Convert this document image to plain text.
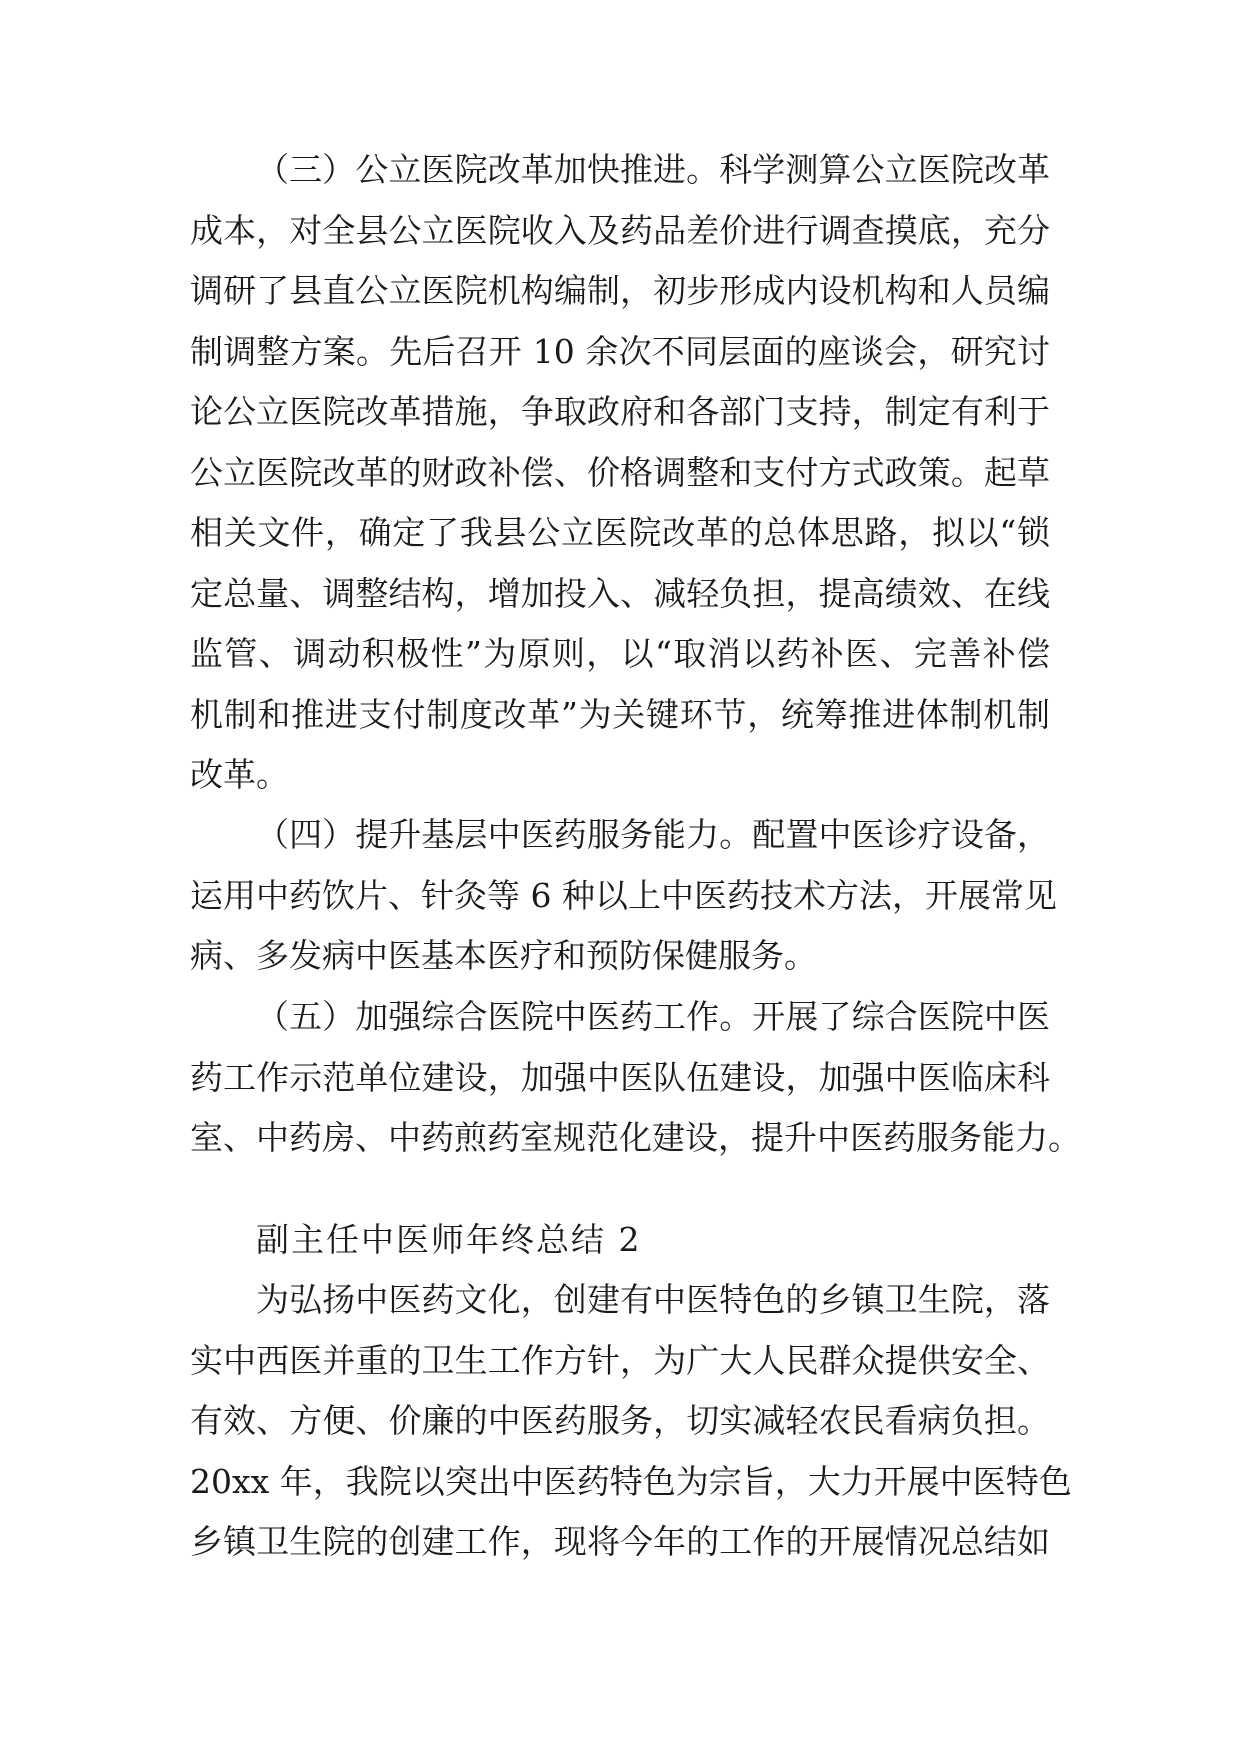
（三）公立医院改革加快推进。科学测算公立医院改革
成本，对全县公立医院收入及药品差价进行调查摸底，充分
调研了县直公立医院机构编制，初步形成内设机构和人员编
制调整方案。先后召开 10 余次不同层面的座谈会，研究讨
论公立医院改革措施，争取政府和各部门支持，制定有利于
公立医院改革的财政补偿、价格调整和支付方式政策。起草
相关文件，确定了我县公立医院改革的总体思路，拟以“锁
定总量、调整结构，增加投入、减轻负担，提高绩效、在线
监管、调动积极性”为原则，以“取消以药补医、完善补偿
机制和推进支付制度改革”为关键环节，统筹推进体制机制
改革。
（四）提升基层中医药服务能力。配置中医诊疗设备，
运用中药饮片、针灸等 6 种以上中医药技术方法，开展常见
病、多发病中医基本医疗和预防保健服务。
（五）加强综合医院中医药工作。开展了综合医院中医
药工作示范单位建设，加强中医队伍建设，加强中医临床科
室、中药房、中药煎药室规范化建设，提升中医药服务能力。
副主任中医师年终总结 2
为弘扬中医药文化，创建有中医特色的乡镇卫生院，落
实中西医并重的卫生工作方针，为广大人民群众提供安全、
有效、方便、价廉的中医药服务，切实减轻农民看病负担。
20xx 年，我院以突出中医药特色为宗旨，大力开展中医特色
乡镇卫生院的创建工作，现将今年的工作的开展情况总结如
